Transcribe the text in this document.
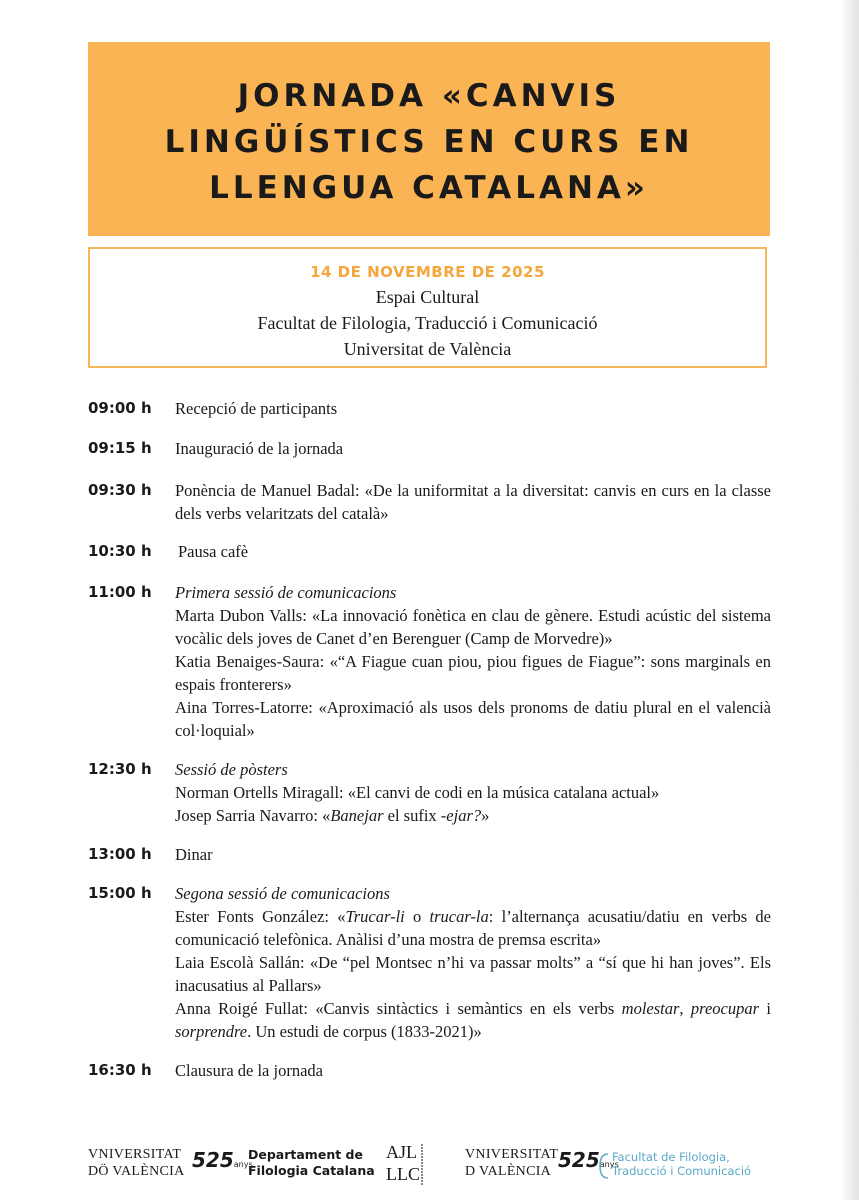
JORNADA «CANVIS
LINGÜÍSTICS EN CURS EN
LLENGUA CATALANA»
14 DE NOVEMBRE DE 2025
Espai Cultural
Facultat de Filologia, Traducció i Comunicació
Universitat de València
09:00 h Recepció de participants
09:15 h Inauguració de la jornada
09:30 h Ponència de Manuel Badal: «De la uniformitat a la diversitat: canvis en curs en la classe dels verbs velaritzats del català»
10:30 h Pausa cafè
11:00 h Primera sessió de comunicacions
Marta Dubon Valls: «La innovació fonètica en clau de gènere. Estudi acústic del sistema vocàlic dels joves de Canet d’en Berenguer (Camp de Morvedre)»
Katia Benaiges-Saura: «“A Fiague cuan piou, piou figues de Fiague”: sons marginals en espais fronterers»
Aina Torres-Latorre: «Aproximació als usos dels pronoms de datiu plural en el valencià col·loquial»
12:30 h Sessió de pòsters
Norman Ortells Miragall: «El canvi de codi en la música catalana actual»
Josep Sarria Navarro: «Banejar el sufix -ejar?»
13:00 h Dinar
15:00 h Segona sessió de comunicacions
Ester Fonts González: «Trucar-li o trucar-la: l’alternança acusatiu/datiu en verbs de comunicació telefònica. Anàlisi d’una mostra de premsa escrita»
Laia Escolà Sallán: «De “pel Montsec n’hi va passar molts” a “sí que hi han joves”. Els inacusatius al Pallars»
Anna Roigé Fullat: «Canvis sintàctics i semàntics en els verbs molestar, preocupar i sorprendre. Un estudi de corpus (1833-2021)»
16:30 h Clausura de la jornada
VNIVERSITAT
DÖ VALÈNCIA 525anys
Departament de
Filologia Catalana
AJL
LLC
VNIVERSITAT
D VALÈNCIA 525anys
Facultat de Filologia,
Traducció i Comunicació
